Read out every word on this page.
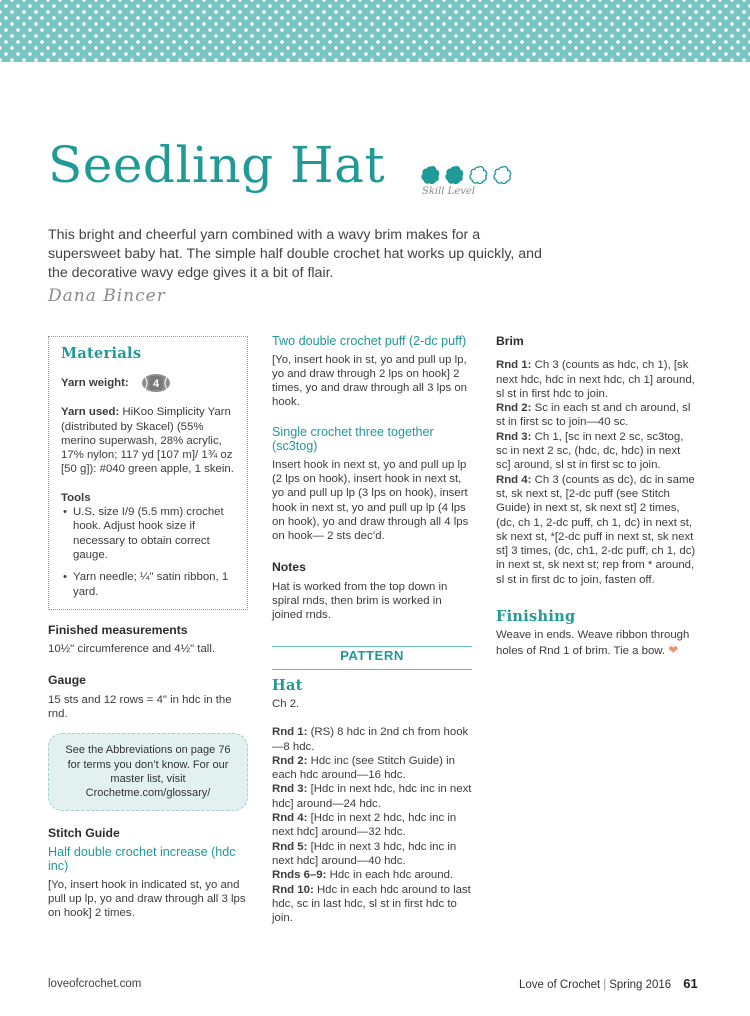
Seedling Hat	Skill Level

This bright and cheerful yarn combined with a wavy brim makes for a supersweet baby hat. The simple half double crochet hat works up quickly, and the decorative wavy edge gives it a bit of flair.

Dana Bincer
Materials
Yarn weight: 4

Yarn used: HiKoo Simplicity Yarn (distributed by Skacel) (55% merino superwash, 28% acrylic, 17% nylon; 117 yd [107 m]/ 1¾ oz [50 g]): #040 green apple, 1 skein.

Tools
• U.S. size I/9 (5.5 mm) crochet hook. Adjust hook size if necessary to obtain correct gauge.
• Yarn needle; ¼" satin ribbon, 1 yard.
Finished measurements

10½" circumference and 4½" tall.

Gauge

15 sts and 12 rows = 4" in hdc in the rnd.

See the Abbreviations on page 76 for terms you don’t know. For our master list, visit Crochetme.com/glossary/
Stitch Guide
Half double crochet increase (hdc inc)

[Yo, insert hook in indicated st, yo and pull up lp, yo and draw through all 3 lps on hook] 2 times.

Two double crochet puff (2-dc puff)

[Yo, insert hook in st, yo and pull up lp, yo and draw through 2 lps on hook] 2 times, yo and draw through all 3 lps on hook.

Single crochet three together (sc3tog)

Insert hook in next st, yo and pull up lp (2 lps on hook), insert hook in next st, yo and pull up lp (3 lps on hook), insert hook in next st, yo and pull up lp (4 lps on hook), yo and draw through all 4 lps on hook— 2 sts dec’d.

Notes

Hat is worked from the top down in spiral rnds, then brim is worked in joined rnds.

PATTERN
Hat

Ch 2.

Rnd 1: (RS) 8 hdc in 2nd ch from hook—8 hdc.

Rnd 2: Hdc inc (see Stitch Guide) in each hdc around—16 hdc.

Rnd 3: [Hdc in next hdc, hdc inc in next hdc] around—24 hdc.

Rnd 4: [Hdc in next 2 hdc, hdc inc in next hdc] around—32 hdc.

Rnd 5: [Hdc in next 3 hdc, hdc inc in next hdc] around—40 hdc.

Rnds 6–9: Hdc in each hdc around.

Rnd 10: Hdc in each hdc around to last hdc, sc in last hdc, sl st in first hdc to join.

Brim

Rnd 1: Ch 3 (counts as hdc, ch 1), [sk next hdc, hdc in next hdc, ch 1] around, sl st in first hdc to join.

Rnd 2: Sc in each st and ch around, sl st in first sc to join—40 sc.

Rnd 3: Ch 1, [sc in next 2 sc, sc3tog, sc in next 2 sc, (hdc, dc, hdc) in next sc] around, sl st in first sc to join.

Rnd 4: Ch 3 (counts as dc), dc in same st, sk next st, [2-dc puff (see Stitch Guide) in next st, sk next st] 2 times, (dc, ch 1, 2-dc puff, ch 1, dc) in next st, sk next st, *[2-dc puff in next st, sk next st] 3 times, (dc, ch1, 2-dc puff, ch 1, dc) in next st, sk next st; rep from * around, sl st in first dc to join, fasten off.

Finishing

Weave in ends. Weave ribbon through holes of Rnd 1 of brim. Tie a bow. ❤

loveofcrochet.com	Love of Crochet | Spring 2016 61
